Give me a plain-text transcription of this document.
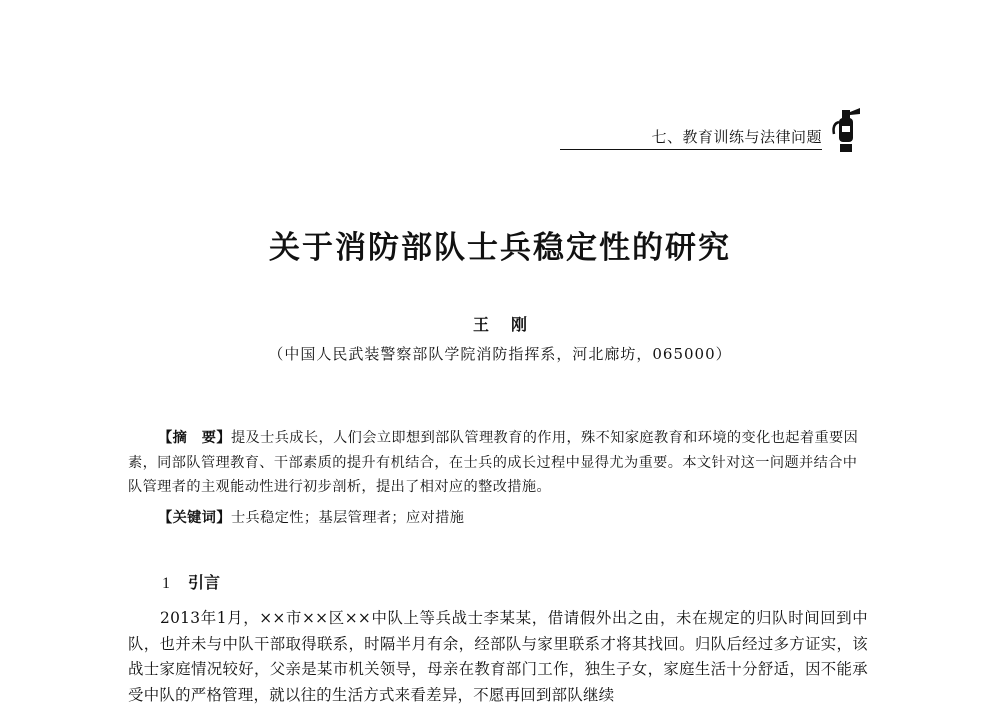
七、教育训练与法律问题
关于消防部队士兵稳定性的研究
王刚
（中国人民武装警察部队学院消防指挥系，河北廊坊，065000）
【摘　要】提及士兵成长，人们会立即想到部队管理教育的作用，殊不知家庭教育和环境的变化也起着重要因素，同部队管理教育、干部素质的提升有机结合，在士兵的成长过程中显得尤为重要。本文针对这一问题并结合中队管理者的主观能动性进行初步剖析，提出了相对应的整改措施。
【关键词】士兵稳定性；基层管理者；应对措施
1 引言
2013年1月，××市××区××中队上等兵战士李某某，借请假外出之由，未在规定的归队时间回到中队，也并未与中队干部取得联系，时隔半月有余，经部队与家里联系才将其找回。归队后经过多方证实，该战士家庭情况较好，父亲是某市机关领导，母亲在教育部门工作，独生子女，家庭生活十分舒适，因不能承受中队的严格管理，就以往的生活方式来看差异，不愿再回到部队继续
